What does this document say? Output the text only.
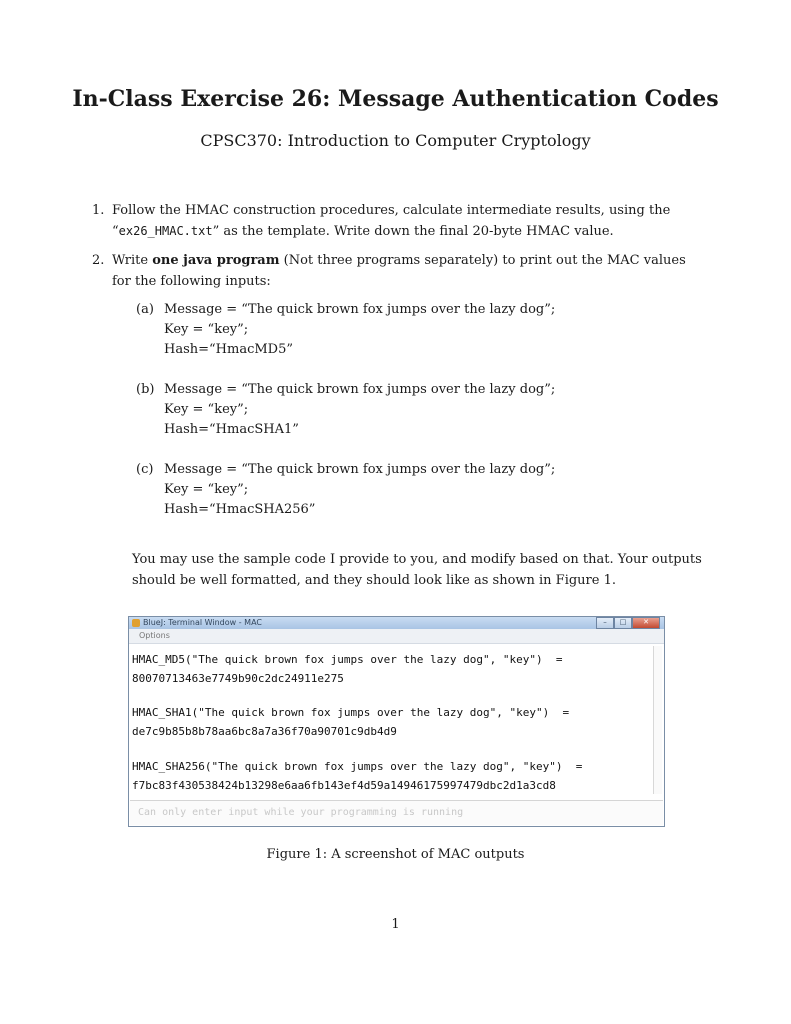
In-Class Exercise 26: Message Authentication Codes
CPSC370: Introduction to Computer Cryptology
1. Follow the HMAC construction procedures, calculate intermediate results, using the “ex26_HMAC.txt” as the template. Write down the final 20-byte HMAC value.
2. Write one java program (Not three programs separately) to print out the MAC values for the following inputs:
(a) Message = “The quick brown fox jumps over the lazy dog”;
Key = “key”;
Hash=“HmacMD5”
(b) Message = “The quick brown fox jumps over the lazy dog”;
Key = “key”;
Hash=“HmacSHA1”
(c) Message = “The quick brown fox jumps over the lazy dog”;
Key = “key”;
Hash=“HmacSHA256”
You may use the sample code I provide to you, and modify based on that. Your outputs should be well formatted, and they should look like as shown in Figure 1.
BlueJ: Terminal Window - MAC	–	□	✕
Options
HMAC_MD5("The quick brown fox jumps over the lazy dog", "key")  =
80070713463e7749b90c2dc24911e275
HMAC_SHA1("The quick brown fox jumps over the lazy dog", "key")  =
de7c9b85b8b78aa6bc8a7a36f70a90701c9db4d9
HMAC_SHA256("The quick brown fox jumps over the lazy dog", "key")  =
f7bc83f430538424b13298e6aa6fb143ef4d59a14946175997479dbc2d1a3cd8
Can only enter input while your programming is running
Figure 1: A screenshot of MAC outputs
1
